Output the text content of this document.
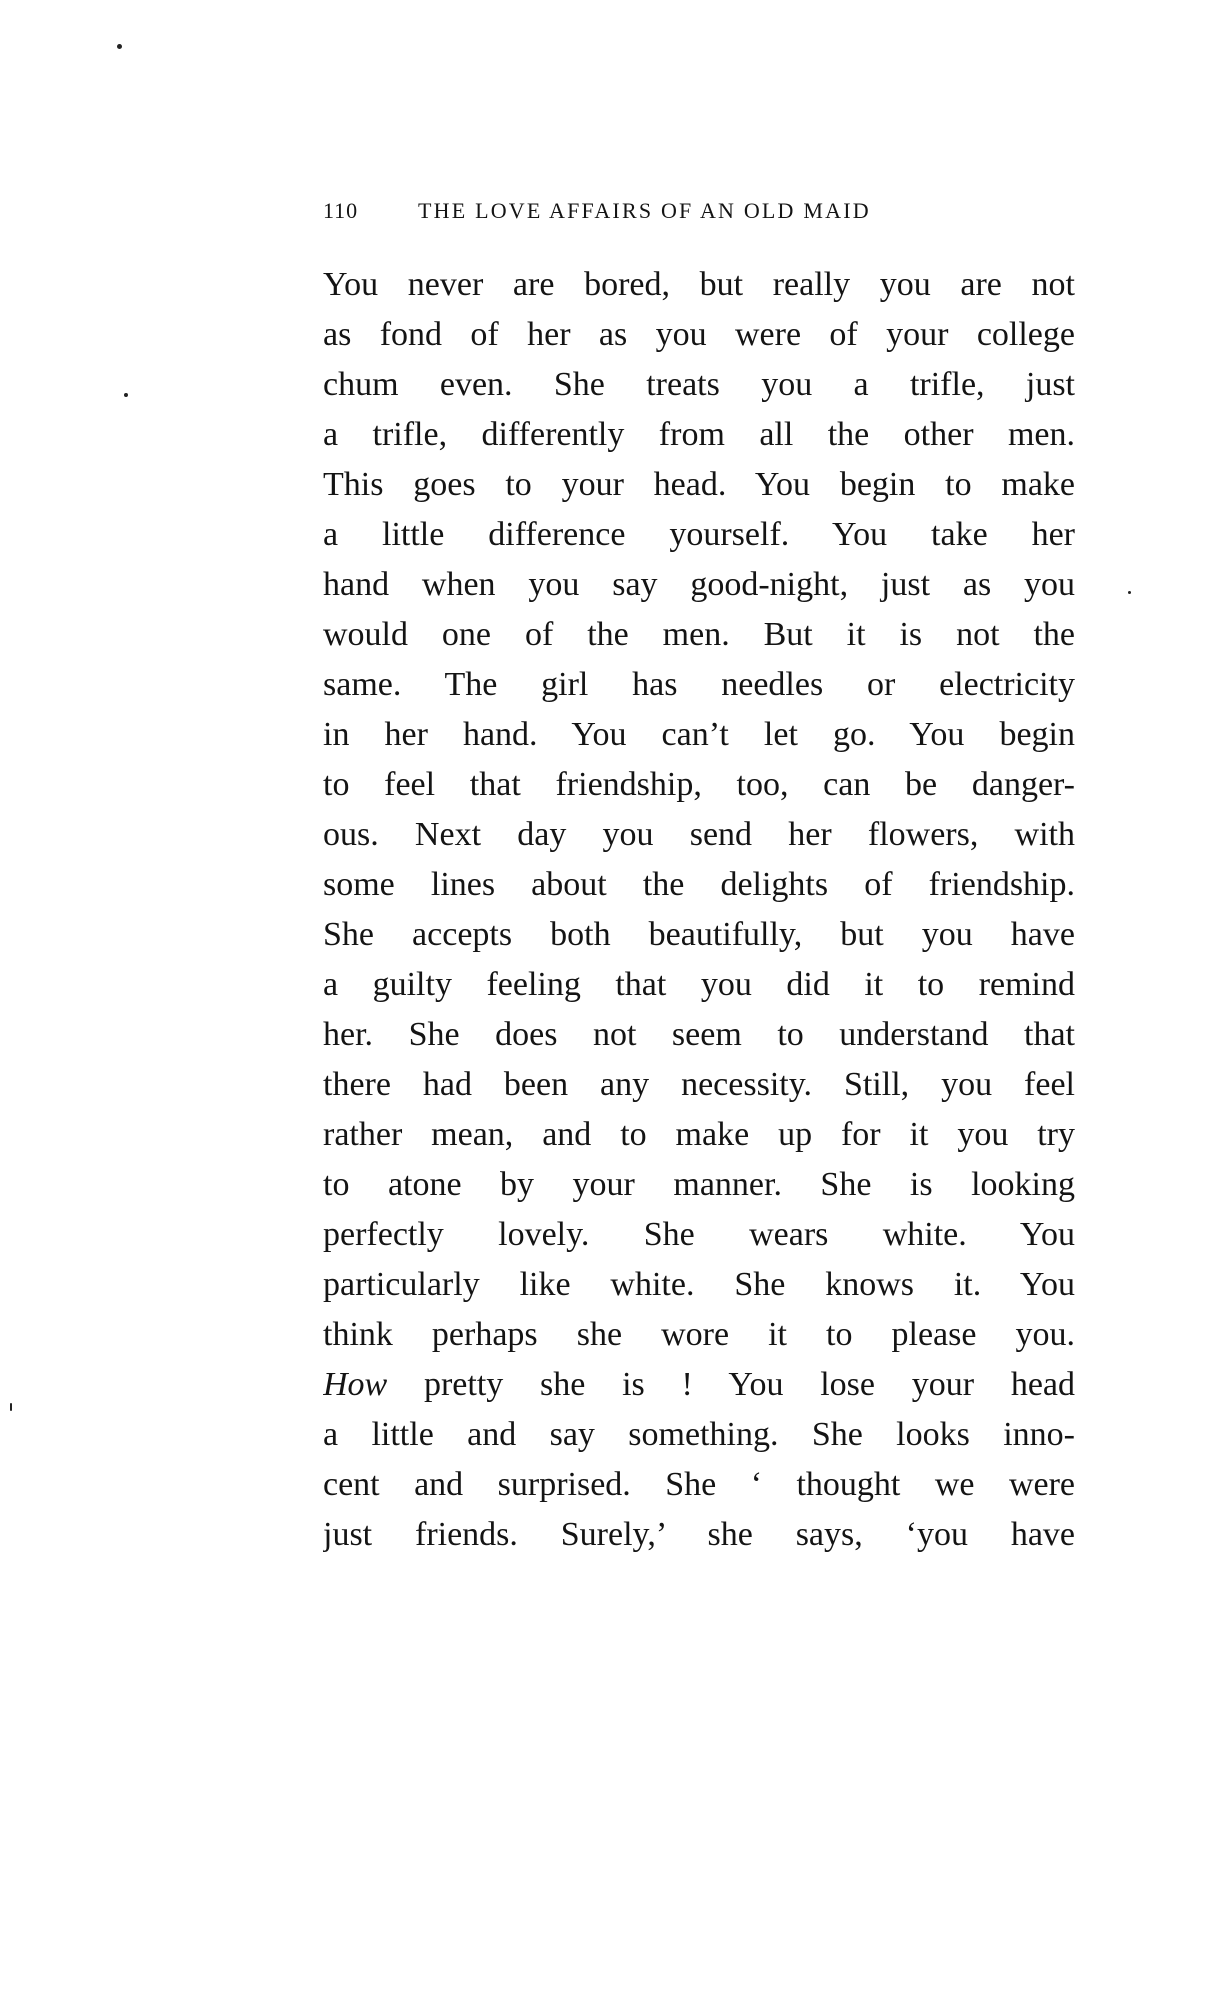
110	THE LOVE AFFAIRS OF AN OLD MAID
You never are bored, but really you are not
as fond of her as you were of your college
chum even. She treats you a trifle, just
a trifle, differently from all the other men.
This goes to your head. You begin to make
a little difference yourself. You take her
hand when you say good-night, just as you
would one of the men. But it is not the
same. The girl has needles or electricity
in her hand. You can’t let go. You begin
to feel that friendship, too, can be danger-
ous. Next day you send her flowers, with
some lines about the delights of friendship.
She accepts both beautifully, but you have
a guilty feeling that you did it to remind
her. She does not seem to understand that
there had been any necessity. Still, you feel
rather mean, and to make up for it you try
to atone by your manner. She is looking
perfectly lovely. She wears white. You
particularly like white. She knows it. You
think perhaps she wore it to please you.
How pretty she is ! You lose your head
a little and say something. She looks inno-
cent and surprised. She ‘ thought we were
just friends. Surely,’ she says, ‘you have
